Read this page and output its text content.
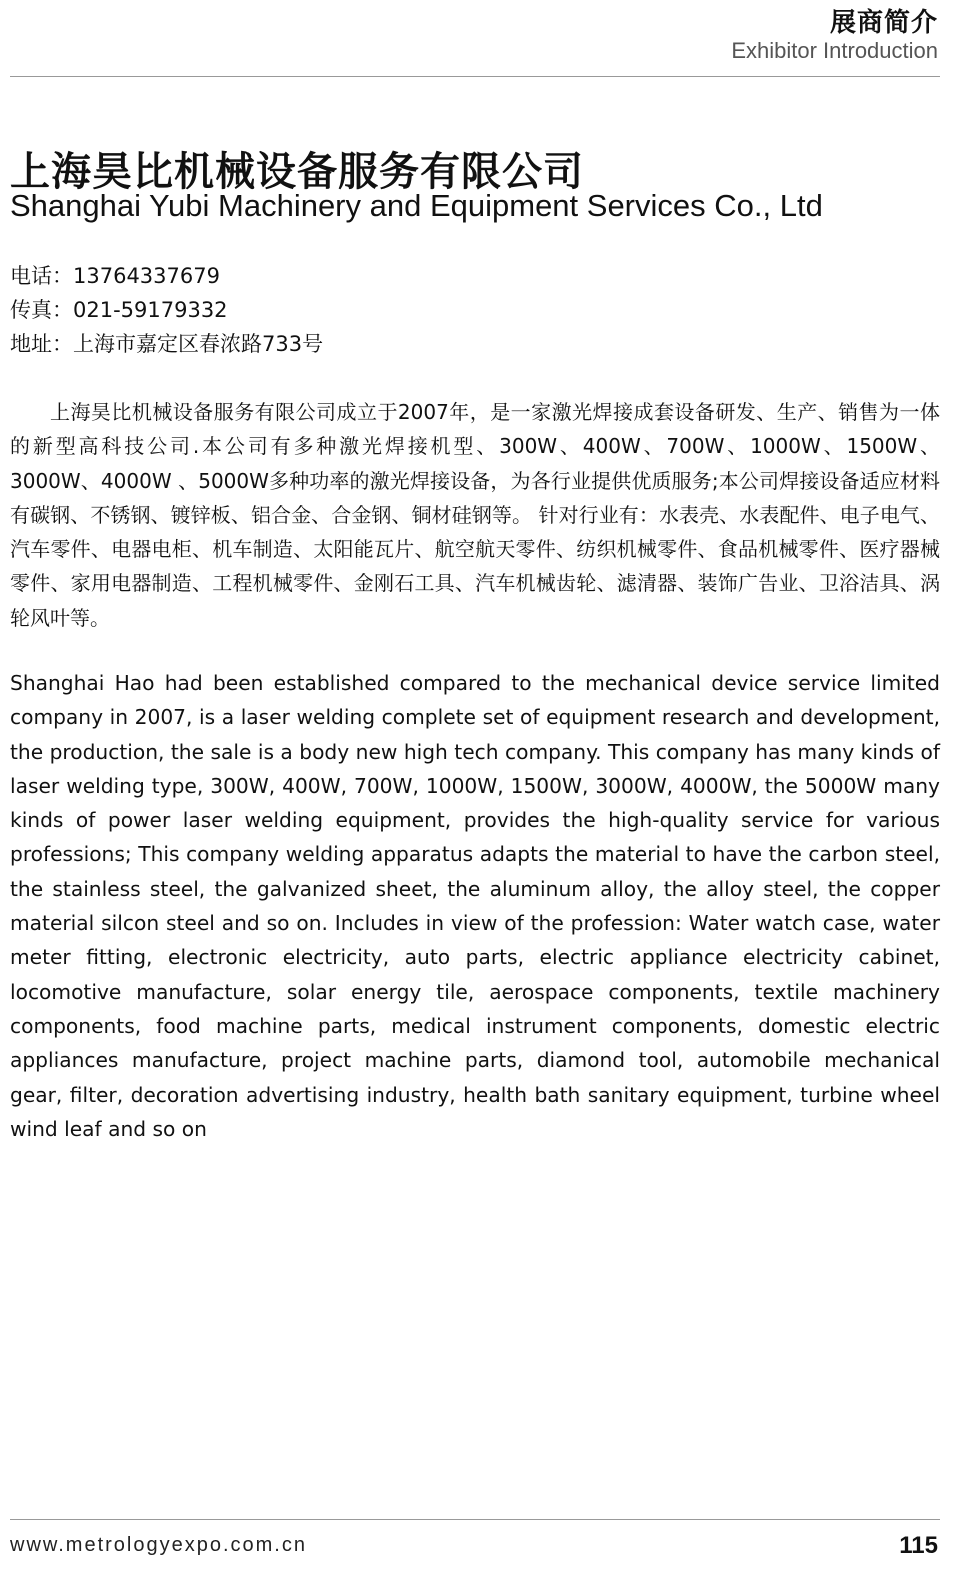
展商简介
Exhibitor Introduction
上海昊比机械设备服务有限公司
Shanghai Yubi Machinery and Equipment Services Co., Ltd
电话：13764337679
传真：021-59179332
地址：上海市嘉定区春浓路733号

上海昊比机械设备服务有限公司成立于2007年，是一家激光焊接成套设备研发、生产、销售为一体的新型高科技公司.本公司有多种激光焊接机型、300W、400W、700W、1000W、1500W、3000W、4000W 、5000W多种功率的激光焊接设备，为各行业提供优质服务;本公司焊接设备适应材料有碳钢、不锈钢、镀锌板、铝合金、合金钢、铜材硅钢等。 针对行业有：水表壳、水表配件、电子电气、汽车零件、电器电柜、机车制造、太阳能瓦片、航空航天零件、纺织机械零件、食品机械零件、医疗器械零件、家用电器制造、工程机械零件、金刚石工具、汽车机械齿轮、滤清器、装饰广告业、卫浴洁具、涡轮风叶等。

Shanghai Hao had been established compared to the mechanical device service limited company in 2007, is a laser welding complete set of equipment research and development, the production, the sale is a body new high tech company. This company has many kinds of laser welding type, 300W, 400W, 700W, 1000W, 1500W, 3000W, 4000W, the 5000W many kinds of power laser welding equipment, provides the high-quality service for various professions; This company welding apparatus adapts the material to have the carbon steel, the stainless steel, the galvanized sheet, the aluminum alloy, the alloy steel, the copper material silcon steel and so on. Includes in view of the profession: Water watch case, water meter fitting, electronic electricity, auto parts, electric appliance electricity cabinet, locomotive manufacture, solar energy tile, aerospace components, textile machinery components, food machine parts, medical instrument components, domestic electric appliances manufacture, project machine parts, diamond tool, automobile mechanical gear, filter, decoration advertising industry, health bath sanitary equipment, turbine wheel wind leaf and so on

www.metrologyexpo.com.cn	115
